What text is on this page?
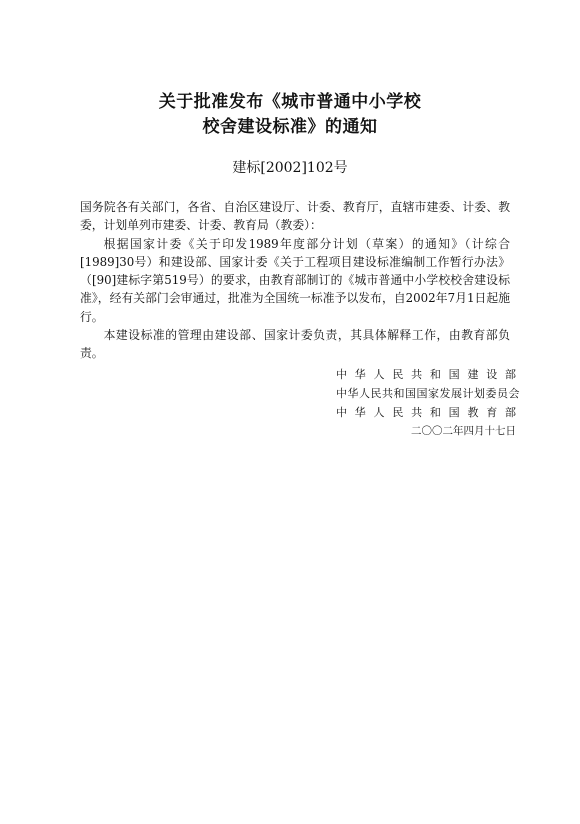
关于批准发布《城市普通中小学校
校舍建设标准》的通知
建标[2002]102号

国务院各有关部门，各省、自治区建设厅、计委、教育厅，直辖市建委、计委、教委，计划单列市建委、计委、教育局（教委）：

根据国家计委《关于印发1989年度部分计划（草案）的通知》（计综合[1989]30号）和建设部、国家计委《关于工程项目建设标准编制工作暂行办法》（[90]建标字第519号）的要求，由教育部制订的《城市普通中小学校校舍建设标准》，经有关部门会审通过，批准为全国统一标准予以发布，自2002年7月1日起施行。

本建设标准的管理由建设部、国家计委负责，其具体解释工作，由教育部负责。

中华人民共和国建设部
中华人民共和国国家发展计划委员会
中华人民共和国教育部
二〇〇二年四月十七日
